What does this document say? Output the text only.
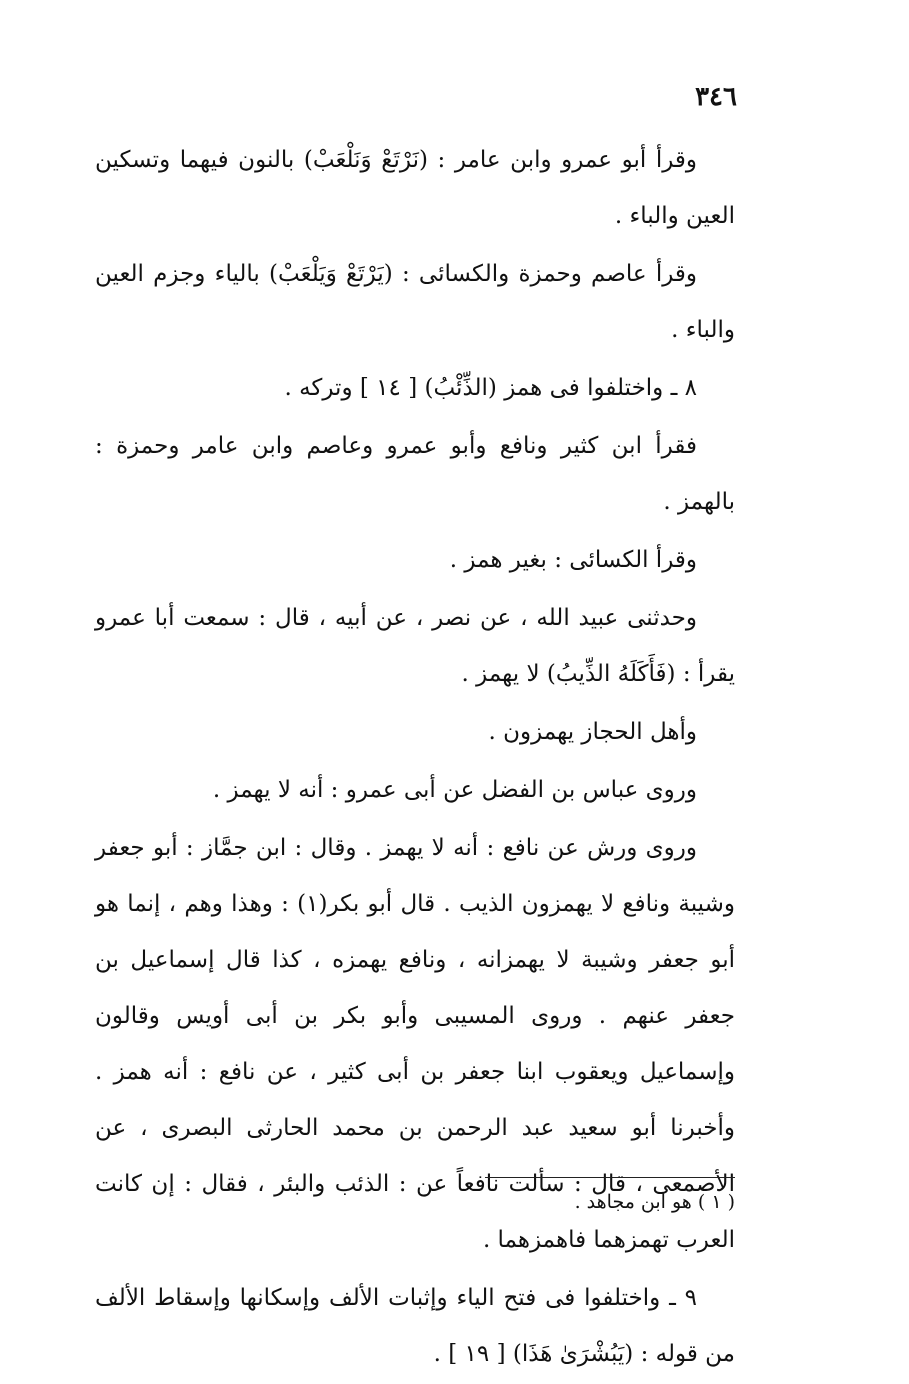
٣٤٦

وقرأ أبو عمرو وابن عامر : (نَرْتَعْ وَنَلْعَبْ) بالنون فيهما وتسكين العين والباء .

وقرأ عاصم وحمزة والكسائى : (يَرْتَعْ وَيَلْعَبْ) بالياء وجزم العين والباء .

٨ ـ واختلفوا فى همز (الذِّئْبُ) [ ١٤ ] وتركه .

فقرأ ابن كثير ونافع وأبو عمرو وعاصم وابن عامر وحمزة : بالهمز .

وقرأ الكسائى : بغير همز .

وحدثنى عبيد الله ، عن نصر ، عن أبيه ، قال : سمعت أبا عمرو يقرأ : (فَأَكَلَهُ الذِّيبُ) لا يهمز .

وأهل الحجاز يهمزون .

وروى عباس بن الفضل عن أبى عمرو : أنه لا يهمز .

وروى ورش عن نافع : أنه لا يهمز . وقال : ابن جمَّاز : أبو جعفر وشيبة ونافع لا يهمزون الذيب . قال أبو بكر(١) : وهذا وهم ، إنما هو أبو جعفر وشيبة لا يهمزانه ، ونافع يهمزه ، كذا قال إسماعيل بن جعفر عنهم . وروى المسيبى وأبو بكر بن أبى أويس وقالون وإسماعيل ويعقوب ابنا جعفر بن أبى كثير ، عن نافع : أنه همز . وأخبرنا أبو سعيد عبد الرحمن بن محمد الحارثى البصرى ، عن الأصمعى ، قال : سألت نافعاً عن : الذئب والبئر ، فقال : إن كانت العرب تهمزهما فاهمزهما .

٩ ـ واختلفوا فى فتح الياء وإثبات الألف وإسكانها وإسقاط الألف من قوله : (يَبُشْرَىٰ هَذَا) [ ١٩ ] .

( ١ ) هو ابن مجاهد .
